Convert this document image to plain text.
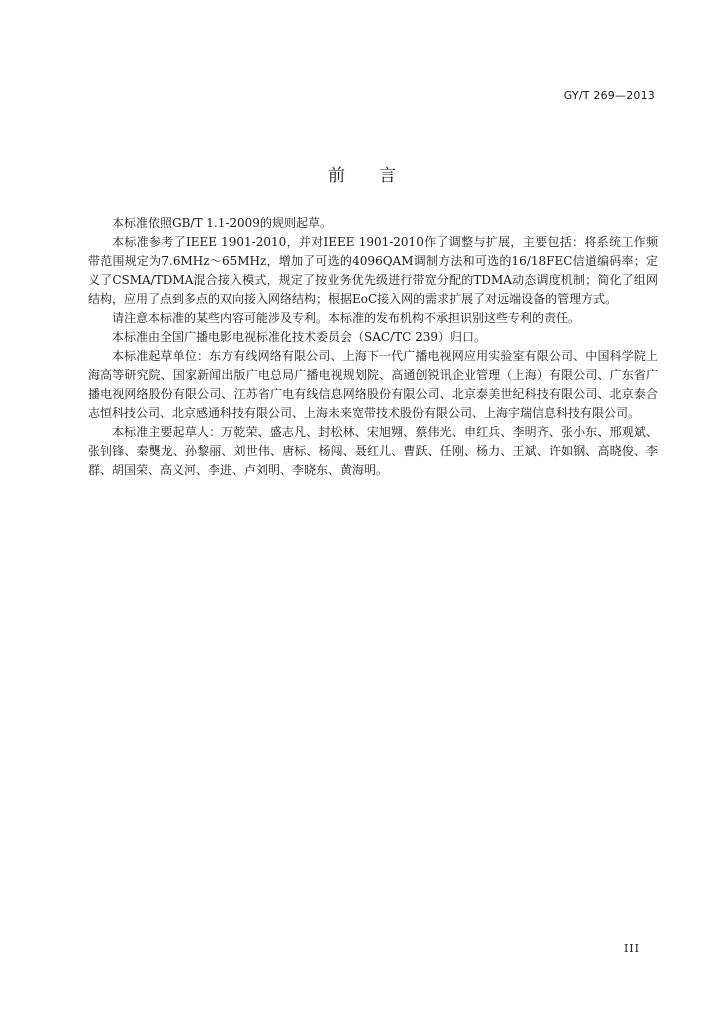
GY/T 269—2013
前言

本标准依照GB/T 1.1-2009的规则起草。

本标准参考了IEEE 1901-2010，并对IEEE 1901-2010作了调整与扩展，主要包括：将系统工作频带范围规定为7.6MHz～65MHz，增加了可选的4096QAM调制方法和可选的16/18FEC信道编码率；定义了CSMA/TDMA混合接入模式，规定了按业务优先级进行带宽分配的TDMA动态调度机制；简化了组网结构，应用了点到多点的双向接入网络结构；根据EoC接入网的需求扩展了对远端设备的管理方式。

请注意本标准的某些内容可能涉及专利。本标准的发布机构不承担识别这些专利的责任。

本标准由全国广播电影电视标准化技术委员会（SAC/TC 239）归口。

本标准起草单位：东方有线网络有限公司、上海下一代广播电视网应用实验室有限公司、中国科学院上海高等研究院、国家新闻出版广电总局广播电视规划院、高通创锐讯企业管理（上海）有限公司、广东省广播电视网络股份有限公司、江苏省广电有线信息网络股份有限公司、北京泰美世纪科技有限公司、北京泰合志恒科技公司、北京感通科技有限公司、上海未来宽带技术股份有限公司、上海宇瑞信息科技有限公司。

本标准主要起草人：万乾荣、盛志凡、封松林、宋旭翙、蔡伟光、申红兵、李明齐、张小东、邢观斌、张钊锋、秦龑龙、孙黎丽、刘世伟、唐标、杨闯、聂红儿、曹跃、任刚、杨力、王斌、许如钢、高晓俊、李群、胡国荣、高义河、李进、卢刘明、李晓东、黄海明。

III
